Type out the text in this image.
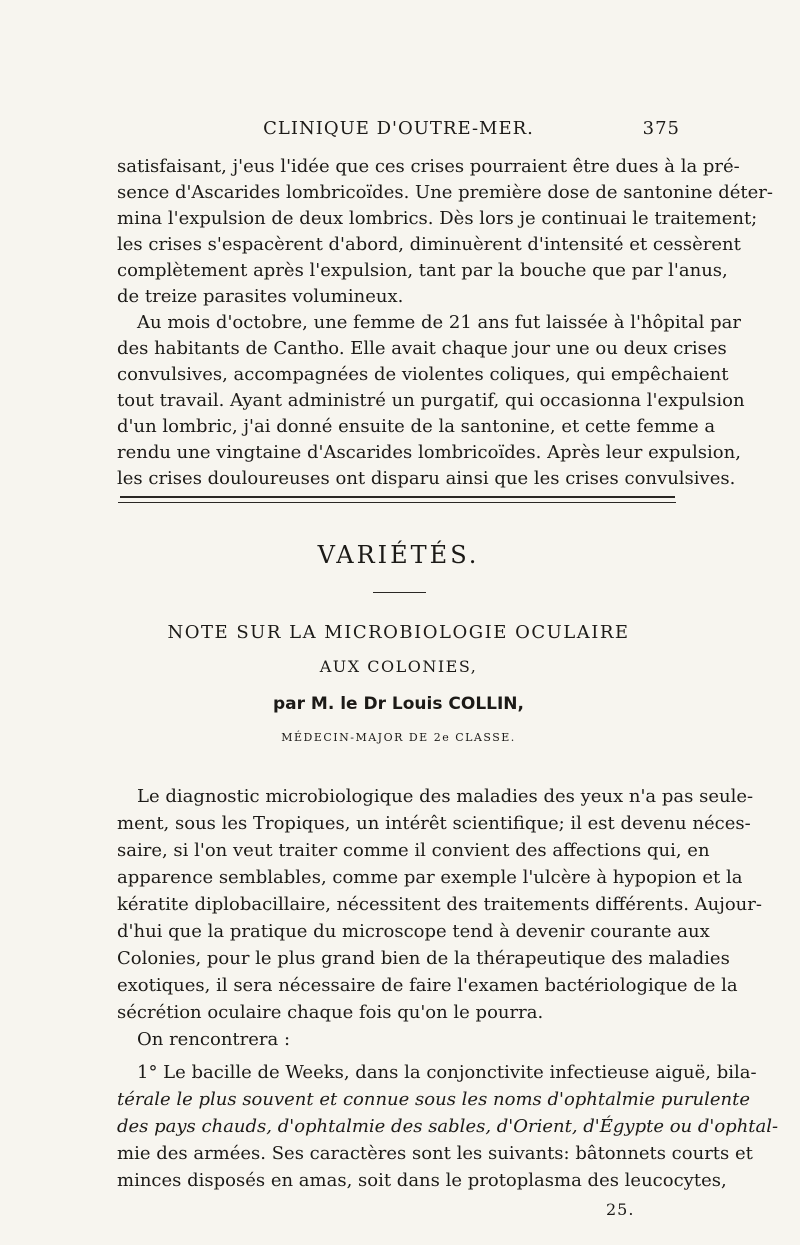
CLINIQUE D'OUTRE-MER.	375
satisfaisant, j'eus l'idée que ces crises pourraient être dues à la pré-
sence d'Ascarides lombricoïdes. Une première dose de santonine déter-
mina l'expulsion de deux lombrics. Dès lors je continuai le traitement;
les crises s'espacèrent d'abord, diminuèrent d'intensité et cessèrent
complètement après l'expulsion, tant par la bouche que par l'anus,
de treize parasites volumineux.
Au mois d'octobre, une femme de 21 ans fut laissée à l'hôpital par
des habitants de Cantho. Elle avait chaque jour une ou deux crises
convulsives, accompagnées de violentes coliques, qui empêchaient
tout travail. Ayant administré un purgatif, qui occasionna l'expulsion
d'un lombric, j'ai donné ensuite de la santonine, et cette femme a
rendu une vingtaine d'Ascarides lombricoïdes. Après leur expulsion,
les crises douloureuses ont disparu ainsi que les crises convulsives.
VARIÉTÉS.
NOTE SUR LA MICROBIOLOGIE OCULAIRE
AUX COLONIES,
par M. le Dr Louis COLLIN,
MÉDECIN-MAJOR DE 2e CLASSE.
Le diagnostic microbiologique des maladies des yeux n'a pas seule-
ment, sous les Tropiques, un intérêt scientifique; il est devenu néces-
saire, si l'on veut traiter comme il convient des affections qui, en
apparence semblables, comme par exemple l'ulcère à hypopion et la
kératite diplobacillaire, nécessitent des traitements différents. Aujour-
d'hui que la pratique du microscope tend à devenir courante aux
Colonies, pour le plus grand bien de la thérapeutique des maladies
exotiques, il sera nécessaire de faire l'examen bactériologique de la
sécrétion oculaire chaque fois qu'on le pourra.
On rencontrera :
1° Le bacille de Weeks, dans la conjonctivite infectieuse aiguë, bila-
térale le plus souvent et connue sous les noms d'ophtalmie purulente
des pays chauds, d'ophtalmie des sables, d'Orient, d'Égypte ou d'ophtal-
mie des armées. Ses caractères sont les suivants: bâtonnets courts et
minces disposés en amas, soit dans le protoplasma des leucocytes,
25.
